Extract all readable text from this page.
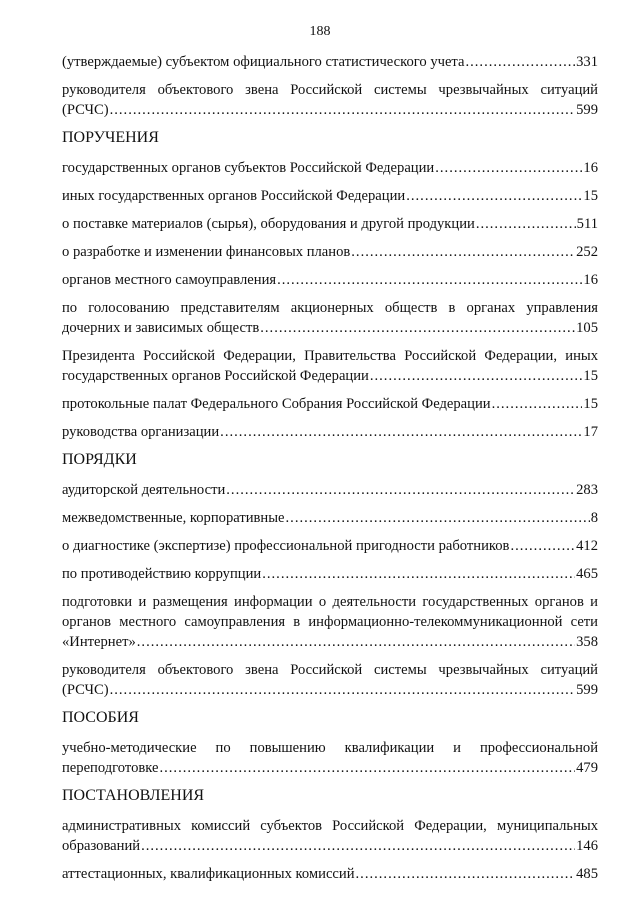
188
(утверждаемые) субъектом официального статистического учета .....	331
руководителя объектового звена Российской системы чрезвычайных ситуаций
(РСЧС) .....	599
ПОРУЧЕНИЯ
государственных органов субъектов Российской Федерации .....	16
иных государственных органов Российской Федерации .....	15
о поставке материалов (сырья), оборудования и другой продукции .....	511
о разработке и изменении финансовых планов .....	252
органов местного самоуправления .....	16
по голосованию представителям акционерных обществ в органах управления
дочерних и зависимых обществ .....	105
Президента Российской Федерации, Правительства Российской Федерации, иных
государственных органов Российской Федерации .....	15
протокольные палат Федерального Собрания Российской Федерации .....	15
руководства организации .....	17
ПОРЯДКИ
аудиторской деятельности .....	283
межведомственные, корпоративные .....	8
о диагностике (экспертизе) профессиональной пригодности работников .....	412
по противодействию коррупции .....	465
подготовки и размещения информации о деятельности государственных органов и
органов местного самоуправления в информационно-телекоммуникационной сети
«Интернет» .....	358
руководителя объектового звена Российской системы чрезвычайных ситуаций
(РСЧС) .....	599
ПОСОБИЯ
учебно-методические по повышению квалификации и профессиональной
переподготовке .....	479
ПОСТАНОВЛЕНИЯ
административных комиссий субъектов Российской Федерации, муниципальных
образований .....	146
аттестационных, квалификационных комиссий .....	485
